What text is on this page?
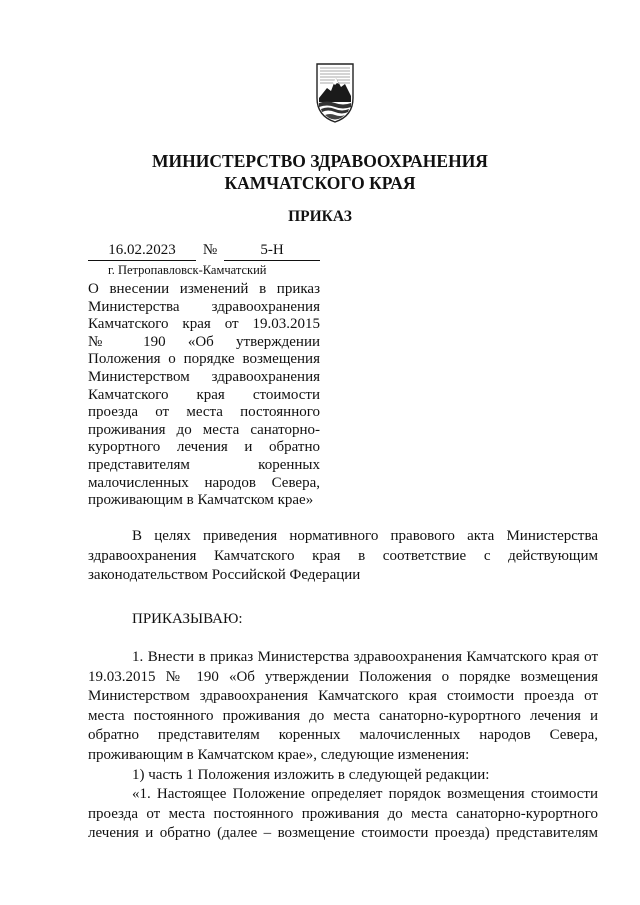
МИНИСТЕРСТВО ЗДРАВООХРАНЕНИЯ
КАМЧАТСКОГО КРАЯ
ПРИКАЗ
16.02.2023	№	5-Н
г. Петропавловск-Камчатский
О внесении изменений в приказ
Министерства здравоохранения
Камчатского края от 19.03.2015
№ 190 «Об утверждении
Положения о порядке возмещения
Министерством здравоохранения
Камчатского края стоимости
проезда от места постоянного
проживания до места санаторно-
курортного лечения и обратно
представителям коренных
малочисленных народов Севера,
проживающим в Камчатском крае»
В целях приведения нормативного правового акта Министерства
здравоохранения Камчатского края в соответствие с действующим
законодательством Российской Федерации
ПРИКАЗЫВАЮ:
1. Внести в приказ Министерства здравоохранения Камчатского края от
19.03.2015 № 190 «Об утверждении Положения о порядке возмещения
Министерством здравоохранения Камчатского края стоимости проезда от
места постоянного проживания до места санаторно-курортного лечения и
обратно представителям коренных малочисленных народов Севера,
проживающим в Камчатском крае», следующие изменения:
1) часть 1 Положения изложить в следующей редакции:
«1. Настоящее Положение определяет порядок возмещения стоимости
проезда от места постоянного проживания до места санаторно-курортного
лечения и обратно (далее – возмещение стоимости проезда) представителям
